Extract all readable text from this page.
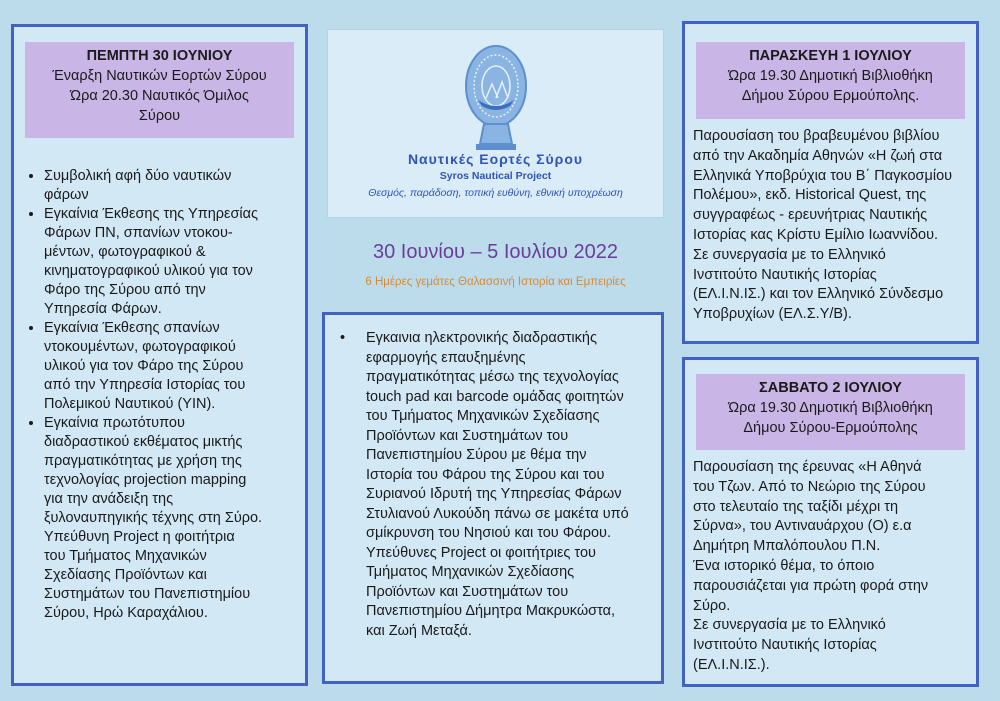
ΠΕΜΠΤΗ 30 ΙΟΥΝΙΟΥ
Έναρξη Ναυτικών Εορτών Σύρου
Ώρα 20.30 Ναυτικός Όμιλος
Σύρου
• Συμβολική αφή δύο ναυτικών
φάρων
• Εγκαίνια Έκθεσης της Υπηρεσίας
Φάρων ΠΝ, σπανίων ντοκου-
μέντων, φωτογραφικού &
κινηματογραφικού υλικού για τον
Φάρο της Σύρου από την
Υπηρεσία Φάρων.
• Εγκαίνια Έκθεσης σπανίων
ντοκουμέντων, φωτογραφικού
υλικού για τον Φάρο της Σύρου
από την Υπηρεσία Ιστορίας του
Πολεμικού Ναυτικού (ΥΙΝ).
• Εγκαίνια πρωτότυπου
διαδραστικού εκθέματος μικτής
πραγματικότητας με χρήση της
τεχνολογίας projection mapping
για την ανάδειξη της
ξυλοναυπηγικής τέχνης στη Σύρο.
Υπεύθυνη Project η φοιτήτρια
του Τμήματος Μηχανικών
Σχεδίασης Προϊόντων και
Συστημάτων του Πανεπιστημίου
Σύρου, Ηρώ Καραχάλιου.
Ναυτικές Εορτές Σύρου
Syros Nautical Project
Θεσμός, παράδοση, τοπική ευθύνη, εθνική υποχρέωση
30 Ιουνίου – 5 Ιουλίου 2022
6 Ημέρες γεμάτες Θαλασσινή Ιστορία και Εμπειρίες
• Εγκαινια ηλεκτρονικής διαδραστικής
εφαρμογής επαυξημένης
πραγματικότητας μέσω της τεχνολογίας
touch pad και barcode ομάδας φοιτητών
του Τμήματος Μηχανικών Σχεδίασης
Προϊόντων και Συστημάτων του
Πανεπιστημίου Σύρου με θέμα την
Ιστορία του Φάρου της Σύρου και του
Συριανού Ιδρυτή της Υπηρεσίας Φάρων
Στυλιανού Λυκούδη πάνω σε μακέτα υπό
σμίκρυνση του Νησιού και του Φάρου.
Υπεύθυνες Project οι φοιτήτριες του
Τμήματος Μηχανικών Σχεδίασης
Προϊόντων και Συστημάτων του
Πανεπιστημίου Δήμητρα Μακρυκώστα,
και Ζωή Μεταξά.
ΠΑΡΑΣΚΕΥΗ 1 ΙΟΥΛΙΟΥ
Ώρα 19.30 Δημοτική Βιβλιοθήκη
Δήμου Σύρου Ερμούπολης.

Παρουσίαση του βραβευμένου βιβλίου

από την Ακαδημία Αθηνών «Η ζωή στα

Ελληνικά Υποβρύχια του Β΄ Παγκοσμίου

Πολέμου», εκδ. Historical Quest, της

συγγραφέως - ερευνήτριας Ναυτικής

Ιστορίας κας Κρίστυ Εμίλιο Ιωαννίδου.

Σε συνεργασία με το Ελληνικό

Ινστιτούτο Ναυτικής Ιστορίας

(ΕΛ.Ι.Ν.ΙΣ.) και τον Ελληνικό Σύνδεσμο

Υποβρυχίων (ΕΛ.Σ.Υ/Β).

ΣΑΒΒΑΤΟ 2 ΙΟΥΛΙΟΥ
Ώρα 19.30 Δημοτική Βιβλιοθήκη
Δήμου Σύρου-Ερμούπολης

Παρουσίαση της έρευνας «Η Αθηνά

του Τζων. Από το Νεώριο της Σύρου

στο τελευταίο της ταξίδι μέχρι τη

Σύρνα», του Αντιναυάρχου (Ο) ε.α

Δημήτρη Μπαλόπουλου Π.Ν.

Ένα ιστορικό θέμα, το όποιο

παρουσιάζεται για πρώτη φορά στην

Σύρο.

Σε συνεργασία με το Ελληνικό

Ινστιτούτο Ναυτικής Ιστορίας

(ΕΛ.Ι.Ν.ΙΣ.).
